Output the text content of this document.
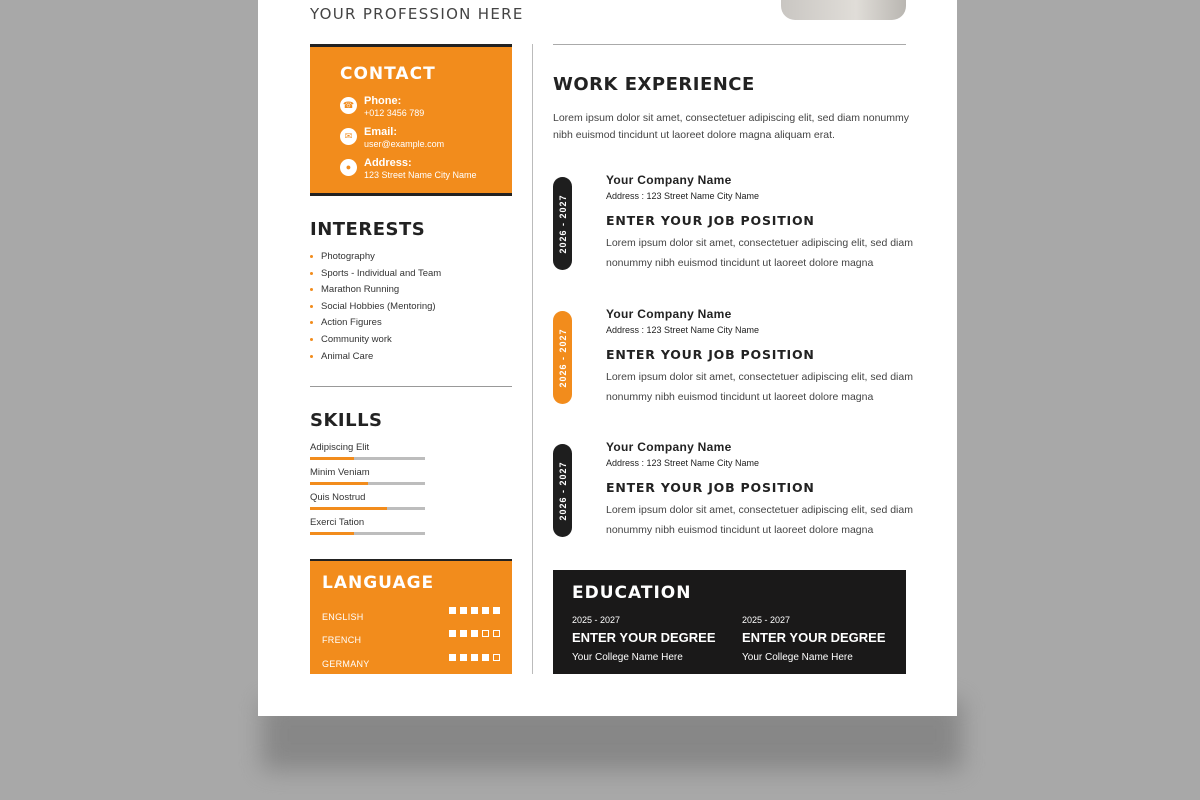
YOUR PROFESSION HERE
CONTACT
☎ Phone:
+012 3456 789
✉	Email:
user@example.com
●	Address:
123 Street Name City Name
INTERESTS
Photography
Sports - Individual and Team
Marathon Running
Social Hobbies (Mentoring)
Action Figures
Community work
Animal Care
SKILLS
Adipiscing Elit
Minim Veniam
Quis Nostrud
Exerci Tation
LANGUAGE
ENGLISH
FRENCH
GERMANY
WORK EXPERIENCE
Lorem ipsum dolor sit amet, consectetuer adipiscing elit, sed diam nonummy nibh euismod tincidunt ut laoreet dolore magna aliquam erat.
2026 - 2027
Your Company Name
Address : 123 Street Name City Name
ENTER YOUR JOB POSITION
Lorem ipsum dolor sit amet, consectetuer adipiscing elit, sed diam nonummy nibh euismod tincidunt ut laoreet dolore magna
2026 - 2027
Your Company Name
Address : 123 Street Name City Name
ENTER YOUR JOB POSITION
Lorem ipsum dolor sit amet, consectetuer adipiscing elit, sed diam nonummy nibh euismod tincidunt ut laoreet dolore magna
2026 - 2027
Your Company Name
Address : 123 Street Name City Name
ENTER YOUR JOB POSITION
Lorem ipsum dolor sit amet, consectetuer adipiscing elit, sed diam nonummy nibh euismod tincidunt ut laoreet dolore magna
EDUCATION
2025 - 2027
ENTER YOUR DEGREE
Your College Name Here
2025 - 2027
ENTER YOUR DEGREE
Your College Name Here
